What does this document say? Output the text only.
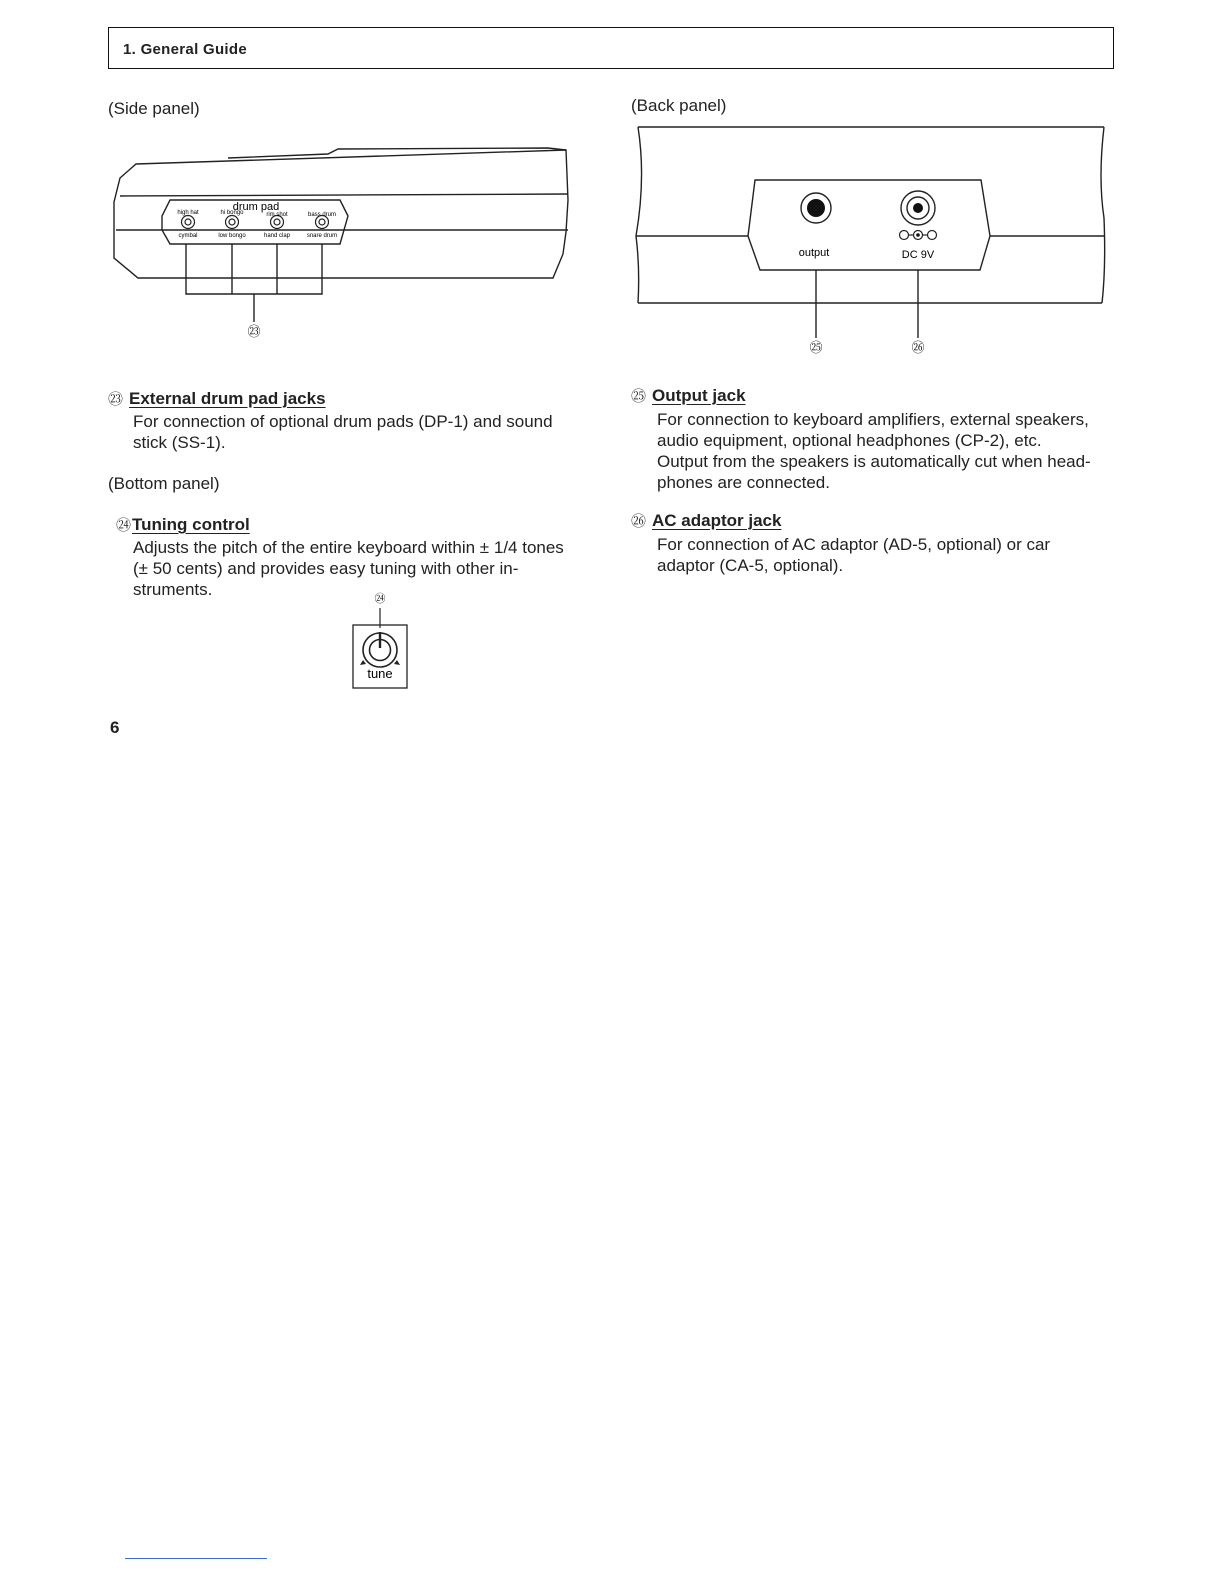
1. General Guide
(Side panel)
drum pad
high hat	hi bongo	rim shot	bass drum
cymbal	low bongo	hand clap	snare drum
㉓
(Back panel)
output	DC 9V
㉕	㉖
㉓ External drum pad jacks
For connection of optional drum pads (DP-1) and sound
stick (SS-1).
(Bottom panel)
㉔Tuning control
Adjusts the pitch of the entire keyboard within ± 1/4 tones
(± 50 cents) and provides easy tuning with other in-
struments.	㉔
tune
㉕ Output jack
For connection to keyboard amplifiers, external speakers,
audio equipment, optional headphones (CP-2), etc.
Output from the speakers is automatically cut when head-
phones are connected.
㉖ AC adaptor jack
For connection of AC adaptor (AD-5, optional) or car
adaptor (CA-5, optional).
6
